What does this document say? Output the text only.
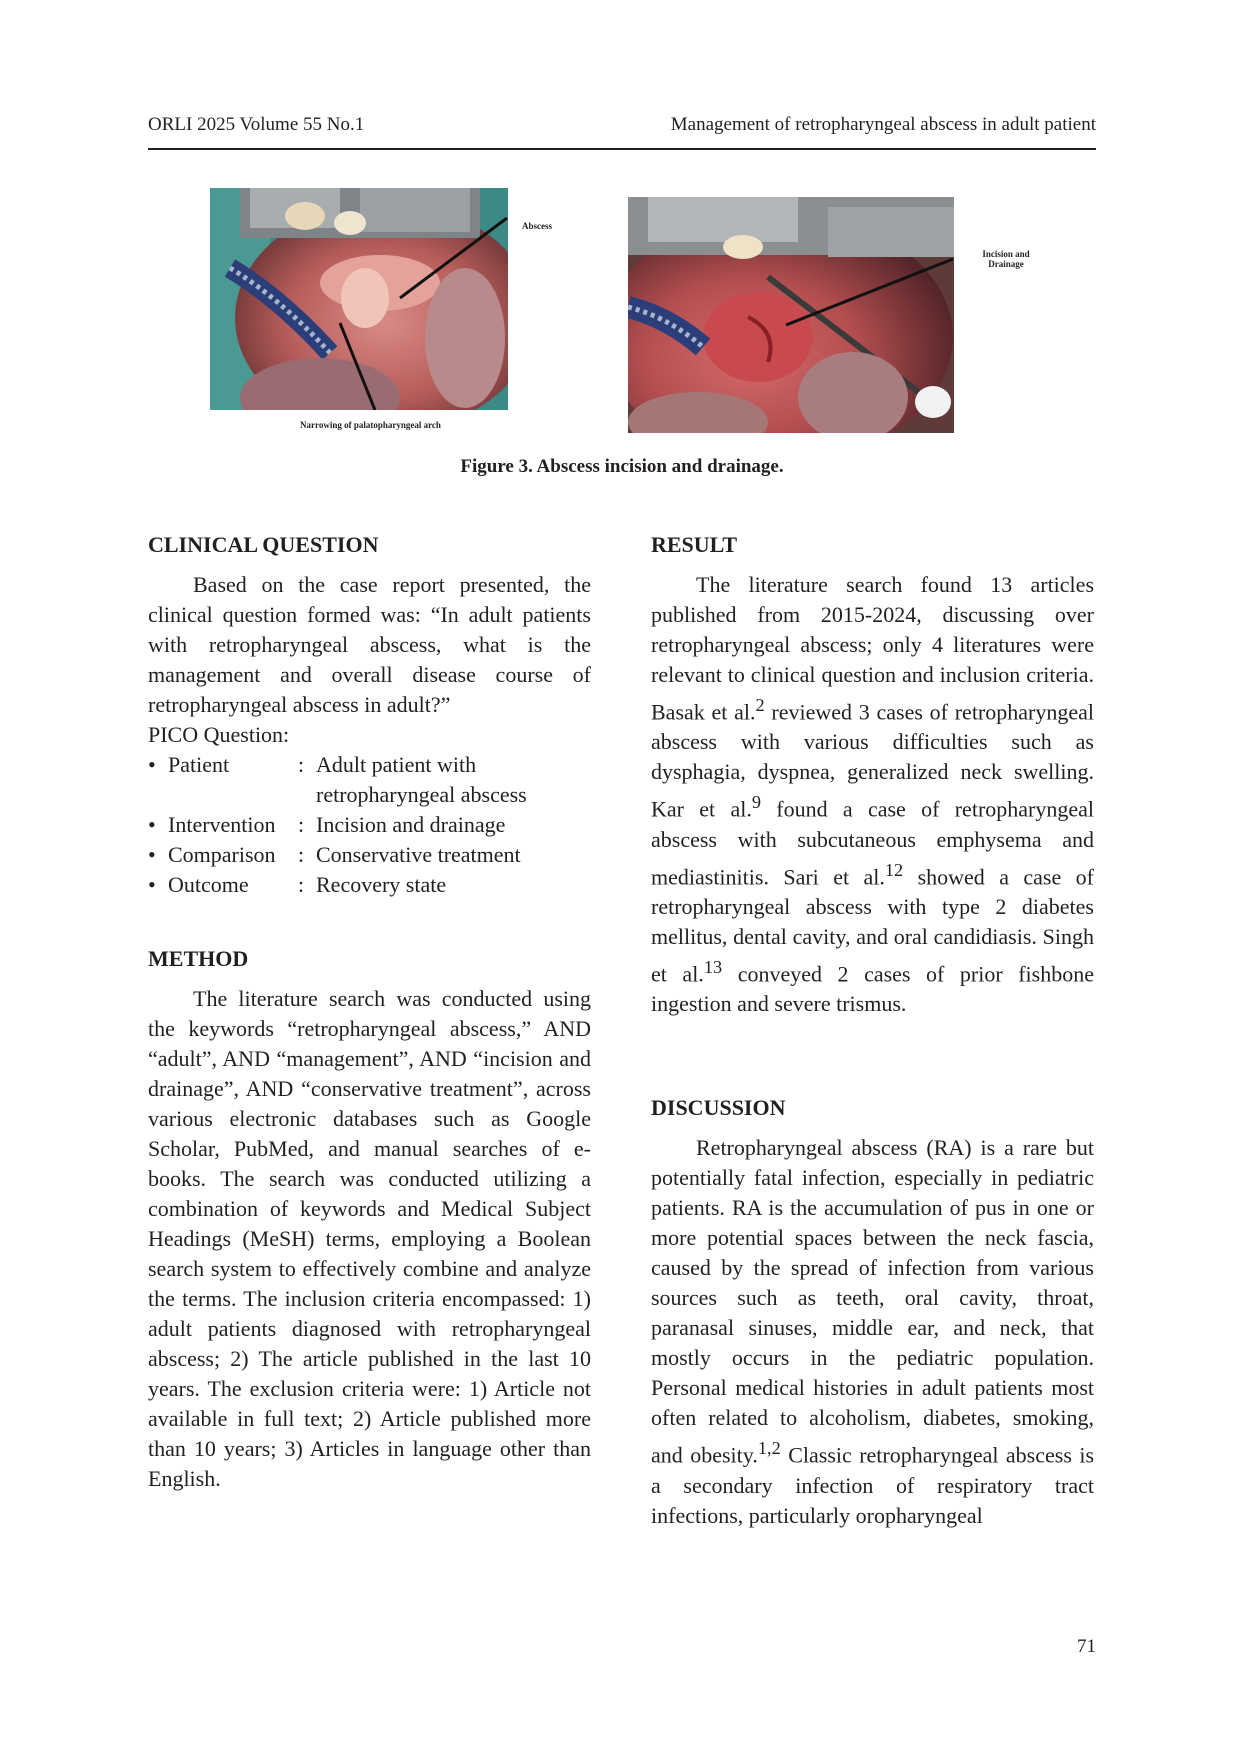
ORLI 2025 Volume 55 No.1	Management of retropharyngeal abscess in adult patient
Abscess
Narrowing of palatopharyngeal arch
Incision and Drainage
Figure 3. Abscess incision and drainage.
CLINICAL QUESTION

Based on the case report presented, the clinical question formed was: “In adult patients with retropharyngeal abscess, what is the management and overall disease course of retropharyngeal abscess in adult?”

PICO Question:
• Patient	: Adult patient with retropharyngeal abscess
• Intervention	: Incision and drainage
• Comparison	: Conservative treatment
• Outcome	: Recovery state
METHOD

The literature search was conducted using the keywords “retropharyngeal abscess,” AND “adult”, AND “management”, AND “incision and drainage”, AND “conservative treatment”, across various electronic databases such as Google Scholar, PubMed, and manual searches of e-books. The search was conducted utilizing a combination of keywords and Medical Subject Headings (MeSH) terms, employing a Boolean search system to effectively combine and analyze the terms. The inclusion criteria encompassed: 1) adult patients diagnosed with retropharyngeal abscess; 2) The article published in the last 10 years. The exclusion criteria were: 1) Article not available in full text; 2) Article published more than 10 years; 3) Articles in language other than English.

RESULT

The literature search found 13 articles published from 2015-2024, discussing over retropharyngeal abscess; only 4 literatures were relevant to clinical question and inclusion criteria. Basak et al.$^2$ reviewed 3 cases of retropharyngeal abscess with various difficulties such as dysphagia, dyspnea, generalized neck swelling. Kar et al.$^9$ found a case of retropharyngeal abscess with subcutaneous emphysema and mediastinitis. Sari et al.$^{12}$ showed a case of retropharyngeal abscess with type 2 diabetes mellitus, dental cavity, and oral candidiasis. Singh et al.$^{13}$ conveyed 2 cases of prior fishbone ingestion and severe trismus.

DISCUSSION

Retropharyngeal abscess (RA) is a rare but potentially fatal infection, especially in pediatric patients. RA is the accumulation of pus in one or more potential spaces between the neck fascia, caused by the spread of infection from various sources such as teeth, oral cavity, throat, paranasal sinuses, middle ear, and neck, that mostly occurs in the pediatric population. Personal medical histories in adult patients most often related to alcoholism, diabetes, smoking, and obesity.$^{1,2}$ Classic retropharyngeal abscess is a secondary infection of respiratory tract infections, particularly oropharyngeal

71
